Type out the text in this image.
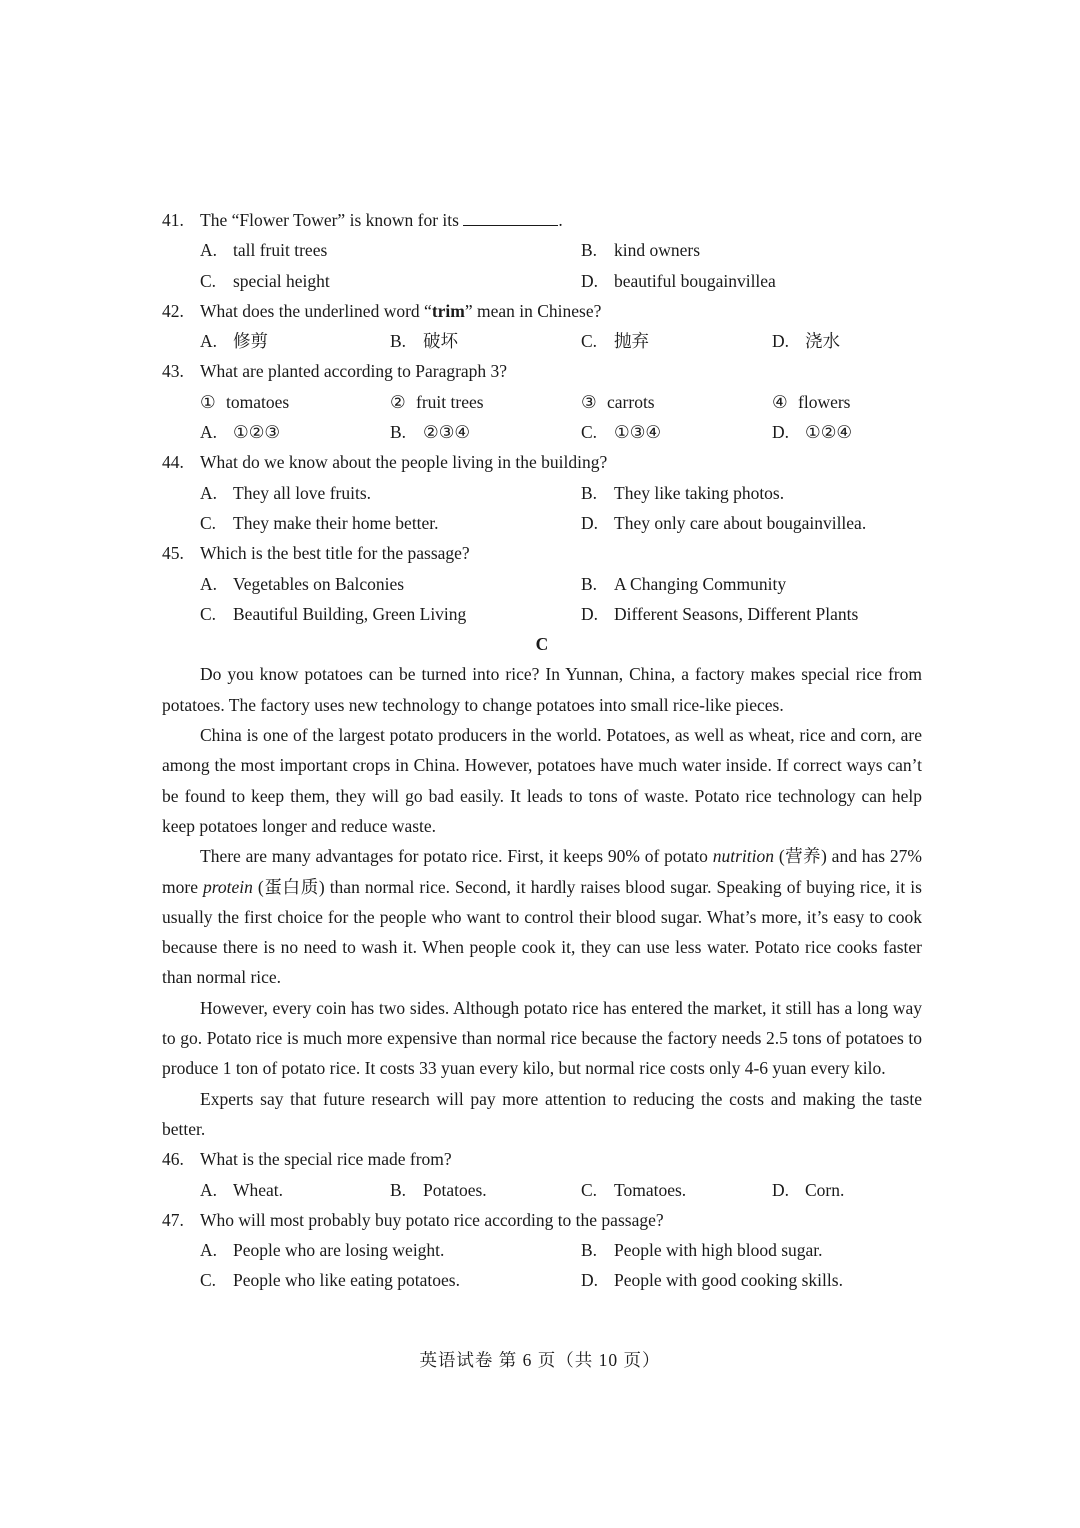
41. The “Flower Tower” is known for its	.
A. tall fruit trees	B. kind owners
C. special height	D. beautiful bougainvillea
42. What does the underlined word “trim” mean in Chinese?
A. 修剪	B. 破坏	C. 抛弃	D. 浇水
43. What are planted according to Paragraph 3?
① tomatoes	② fruit trees	③ carrots	④ flowers
A. ①②③	B. ②③④	C. ①③④	D. ①②④
44. What do we know about the people living in the building?
A. They all love fruits.	B. They like taking photos.
C. They make their home better.	D. They only care about bougainvillea.
45. Which is the best title for the passage?
A. Vegetables on Balconies	B. A Changing Community
C. Beautiful Building, Green Living	D. Different Seasons, Different Plants
C

Do you know potatoes can be turned into rice? In Yunnan, China, a factory makes special rice from potatoes. The factory uses new technology to change potatoes into small rice-like pieces.

China is one of the largest potato producers in the world. Potatoes, as well as wheat, rice and corn, are among the most important crops in China. However, potatoes have much water inside. If correct ways can’t be found to keep them, they will go bad easily. It leads to tons of waste. Potato rice technology can help keep potatoes longer and reduce waste.

There are many advantages for potato rice. First, it keeps 90% of potato nutrition (营养) and has 27% more protein (蛋白质) than normal rice. Second, it hardly raises blood sugar. Speaking of buying rice, it is usually the first choice for the people who want to control their blood sugar. What’s more, it’s easy to cook because there is no need to wash it. When people cook it, they can use less water. Potato rice cooks faster than normal rice.

However, every coin has two sides. Although potato rice has entered the market, it still has a long way to go. Potato rice is much more expensive than normal rice because the factory needs 2.5 tons of potatoes to produce 1 ton of potato rice. It costs 33 yuan every kilo, but normal rice costs only 4-6 yuan every kilo.

Experts say that future research will pay more attention to reducing the costs and making the taste better.

46. What is the special rice made from?
A. Wheat.	B. Potatoes.	C. Tomatoes.	D. Corn.
47. Who will most probably buy potato rice according to the passage?
A. People who are losing weight.	B. People with high blood sugar.
C. People who like eating potatoes.	D. People with good cooking skills.
英语试卷 第 6 页（共 10 页）
